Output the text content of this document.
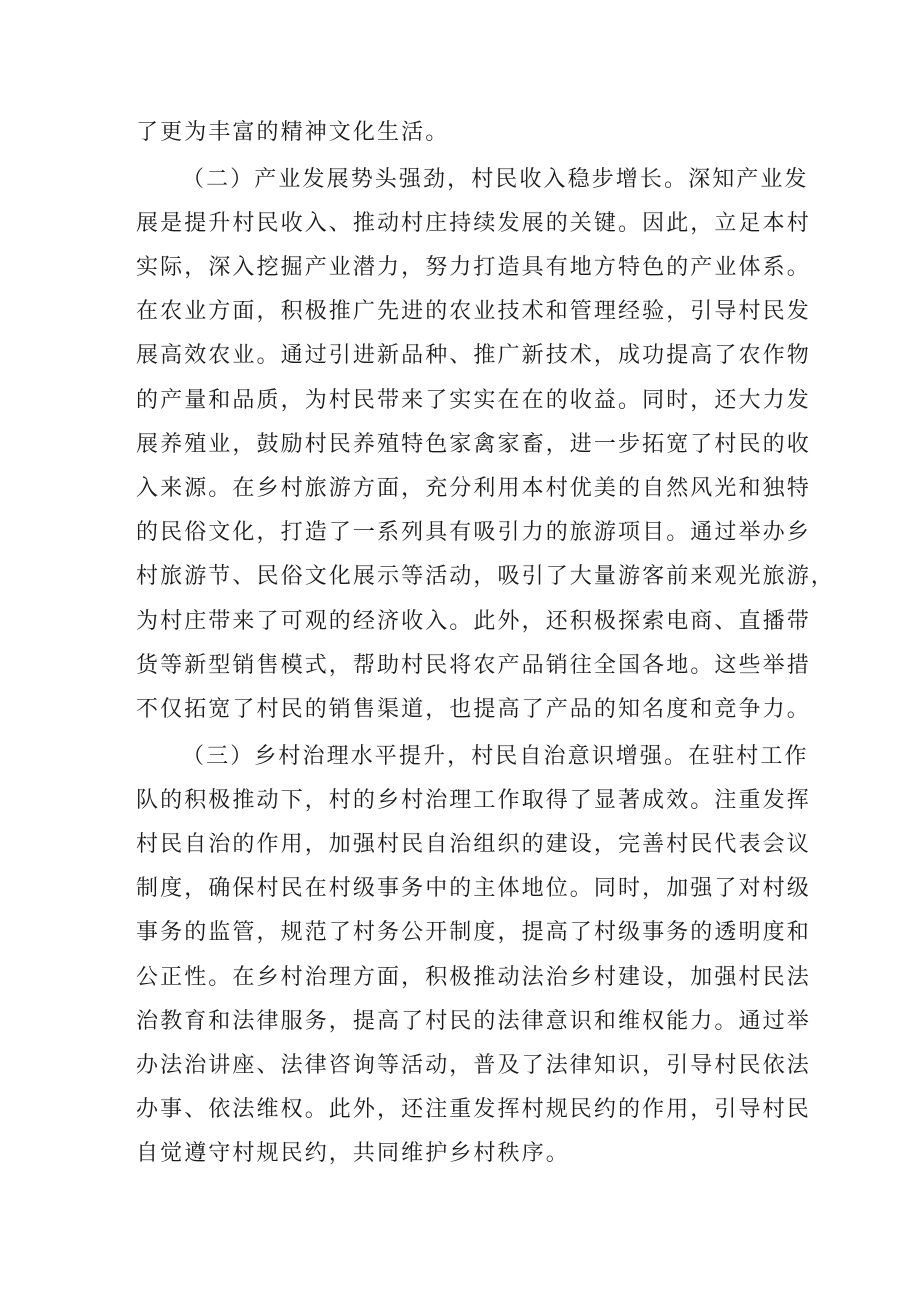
了更为丰富的精神文化生活。
（二）产业发展势头强劲，村民收入稳步增长。深知产业发
展是提升村民收入、推动村庄持续发展的关键。因此，立足本村
实际，深入挖掘产业潜力，努力打造具有地方特色的产业体系。
在农业方面，积极推广先进的农业技术和管理经验，引导村民发
展高效农业。通过引进新品种、推广新技术，成功提高了农作物
的产量和品质，为村民带来了实实在在的收益。同时，还大力发
展养殖业，鼓励村民养殖特色家禽家畜，进一步拓宽了村民的收
入来源。在乡村旅游方面，充分利用本村优美的自然风光和独特
的民俗文化，打造了一系列具有吸引力的旅游项目。通过举办乡
村旅游节、民俗文化展示等活动，吸引了大量游客前来观光旅游，
为村庄带来了可观的经济收入。此外，还积极探索电商、直播带
货等新型销售模式，帮助村民将农产品销往全国各地。这些举措
不仅拓宽了村民的销售渠道，也提高了产品的知名度和竞争力。
（三）乡村治理水平提升，村民自治意识增强。在驻村工作
队的积极推动下，村的乡村治理工作取得了显著成效。注重发挥
村民自治的作用，加强村民自治组织的建设，完善村民代表会议
制度，确保村民在村级事务中的主体地位。同时，加强了对村级
事务的监管，规范了村务公开制度，提高了村级事务的透明度和
公正性。在乡村治理方面，积极推动法治乡村建设，加强村民法
治教育和法律服务，提高了村民的法律意识和维权能力。通过举
办法治讲座、法律咨询等活动，普及了法律知识，引导村民依法
办事、依法维权。此外，还注重发挥村规民约的作用，引导村民
自觉遵守村规民约，共同维护乡村秩序。
